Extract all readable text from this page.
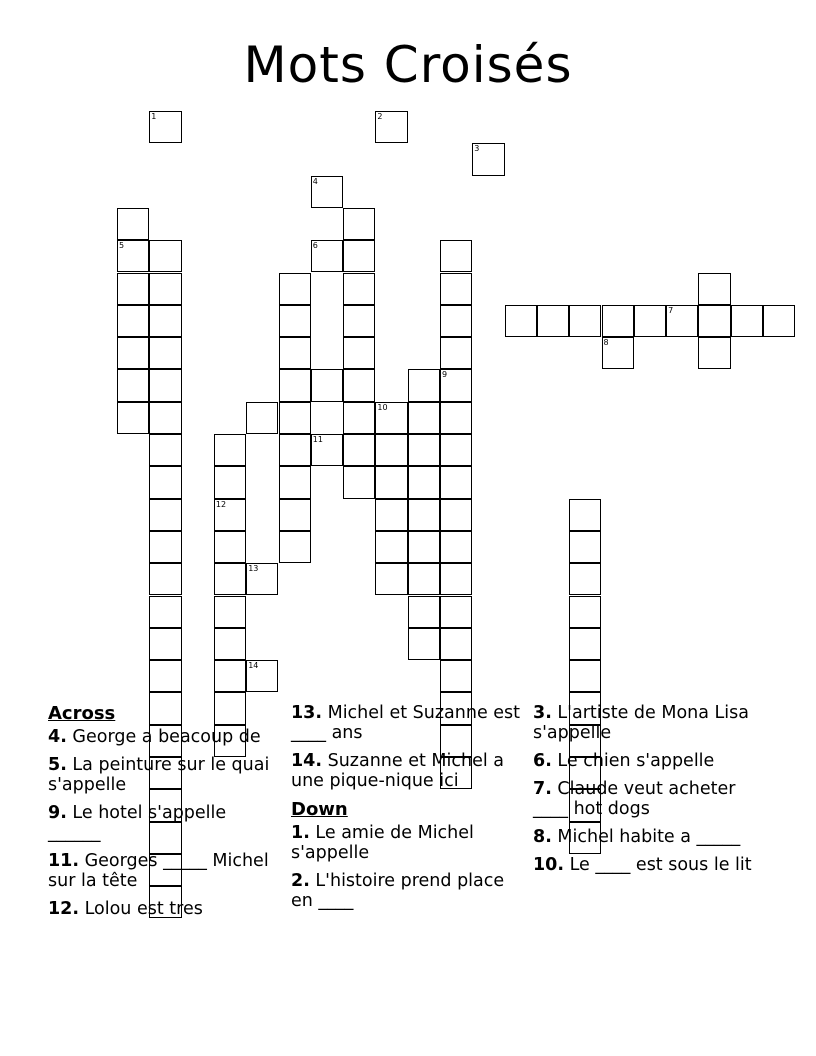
Mots Croisés
1	2
3
4
5	6
7
8
9
10
11
12
13
14
Across
4. George a beacoup de
5. La peinture sur le quai s'appelle
9. Le hotel s'appelle ______
11. Georges _____ Michel sur la tête
12. Lolou est tres
13. Michel et Suzanne est ____ ans
14. Suzanne et Michel a une pique-nique ici
Down
1. Le amie de Michel s'appelle
2. L'histoire prend place en ____
3. L'artiste de Mona Lisa s'appelle
6. Le chien s'appelle
7. Claude veut acheter ____ hot dogs
8. Michel habite a _____
10. Le ____ est sous le lit
